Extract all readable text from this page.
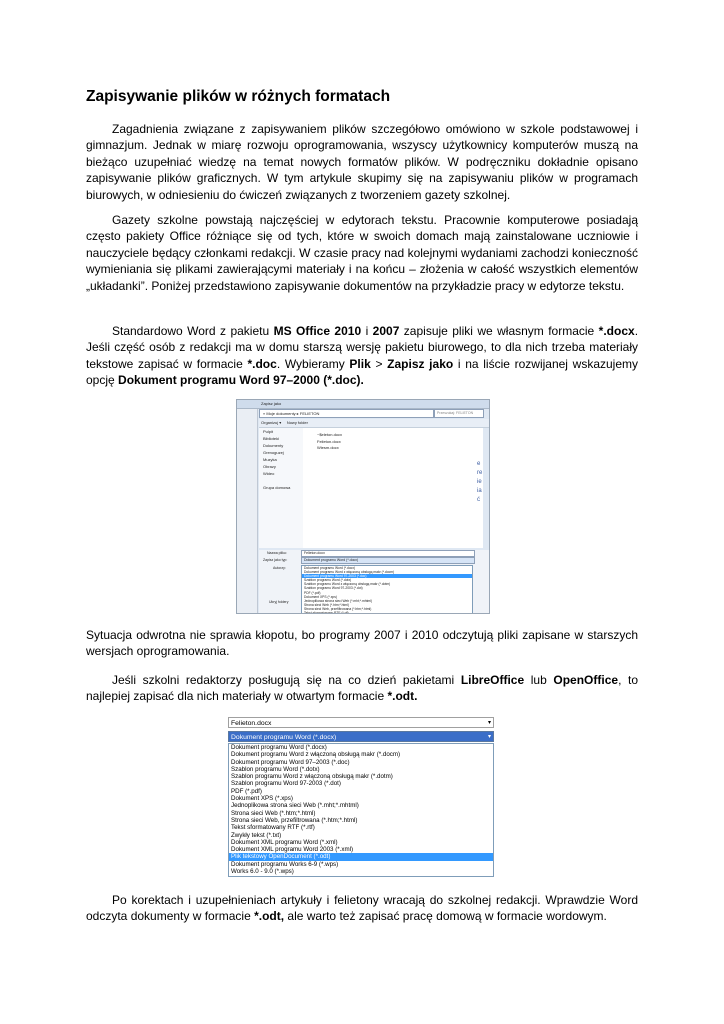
Zapisywanie plików w różnych formatach

Zagadnienia związane z zapisywaniem plików szczegółowo omówiono w szkole podstawowej i gimnazjum. Jednak w miarę rozwoju oprogramowania, wszyscy użytkownicy komputerów muszą na bieżąco uzupełniać wiedzę na temat nowych formatów plików. W podręczniku dokładnie opisano zapisywanie plików graficznych. W tym artykule skupimy się na zapisywaniu plików w programach biurowych, w odniesieniu do ćwiczeń związanych z tworzeniem gazety szkolnej.

Gazety szkolne powstają najczęściej w edytorach tekstu. Pracownie komputerowe posiadają często pakiety Office różniące się od tych, które w swoich domach mają zainstalowane uczniowie i nauczyciele będący członkami redakcji. W czasie pracy nad kolejnymi wydaniami zachodzi konieczność wymieniania się plikami zawierającymi materiały i na końcu – złożenia w całość wszystkich elementów „układanki”. Poniżej przedstawiono zapisywanie dokumentów na przykładzie pracy w edytorze tekstu.

Standardowo Word z pakietu MS Office 2010 i 2007 zapisuje pliki we własnym formacie *.docx. Jeśli część osób z redakcji ma w domu starszą wersję pakietu biurowego, to dla nich trzeba materiały tekstowe zapisać w formacie *.doc. Wybieramy Plik > Zapisz jako i na liście rozwijanej wskazujemy opcję Dokument programu Word 97–2000 (*.doc).

Zapisz jako
« Moje dokumenty ▸ FELIETON	Przeszukaj: FELIETON
Organizuj ▾ Nowy folder
Pulpit
Biblioteki
Dokumenty
Grenoguzej
Muzyka
Obrazy
Wideo
Grupa domowa
~$eleton.docx
Felieton.docx
Wiesm.docx
e
re
ie
ia
ć
Nazwa pliku:	Felieton.docx
Zapisz jako typ:	Dokument programu Word (*.docx)
Autorzy:
Ukryj foldery
Dokument programu Word (*.docx)
Dokument programu Word z włączoną obsługą makr (*.docm)
Dokument programu Word 97-2003 (*.doc)
Szablon programu Word (*.dotx)
Szablon programu Word z włączoną obsługą makr (*.dotm)
Szablon programu Word 97-2003 (*.dot)
PDF (*.pdf)
Dokument XPS (*.xps)
Jednoplikowa strona sieci Web (*.mht;*.mhtml)
Strona sieci Web (*.htm;*.html)
Strona sieci Web, przefiltrowana (*.htm;*.html)
Tekst sformatowany RTF (*.rtf)

Sytuacja odwrotna nie sprawia kłopotu, bo programy 2007 i 2010 odczytują pliki zapisane w starszych wersjach oprogramowania.

Jeśli szkolni redaktorzy posługują się na co dzień pakietami LibreOffice lub OpenOffice, to najlepiej zapisać dla nich materiały w otwartym formacie *.odt.

Felieton.docx	▾
Dokument programu Word (*.docx)	▾
Dokument programu Word (*.docx)
Dokument programu Word z włączoną obsługą makr (*.docm)
Dokument programu Word 97–2003 (*.doc)
Szablon programu Word (*.dotx)
Szablon programu Word z włączoną obsługą makr (*.dotm)
Szablon programu Word 97-2003 (*.dot)
PDF (*.pdf)
Dokument XPS (*.xps)
Jednoplikowa strona sieci Web (*.mht;*.mhtml)
Strona sieci Web (*.htm;*.html)
Strona sieci Web, przefiltrowana (*.htm;*.html)
Tekst sformatowany RTF (*.rtf)
Zwykły tekst (*.txt)
Dokument XML programu Word (*.xml)
Dokument XML programu Word 2003 (*.xml)
Plik tekstowy OpenDocument (*.odt)
Dokument programu Works 6-9 (*.wps)
Works 6.0 - 9.0 (*.wps)

Po korektach i uzupełnieniach artykuły i felietony wracają do szkolnej redakcji. Wprawdzie Word odczyta dokumenty w formacie *.odt, ale warto też zapisać pracę domową w formacie wordowym.
